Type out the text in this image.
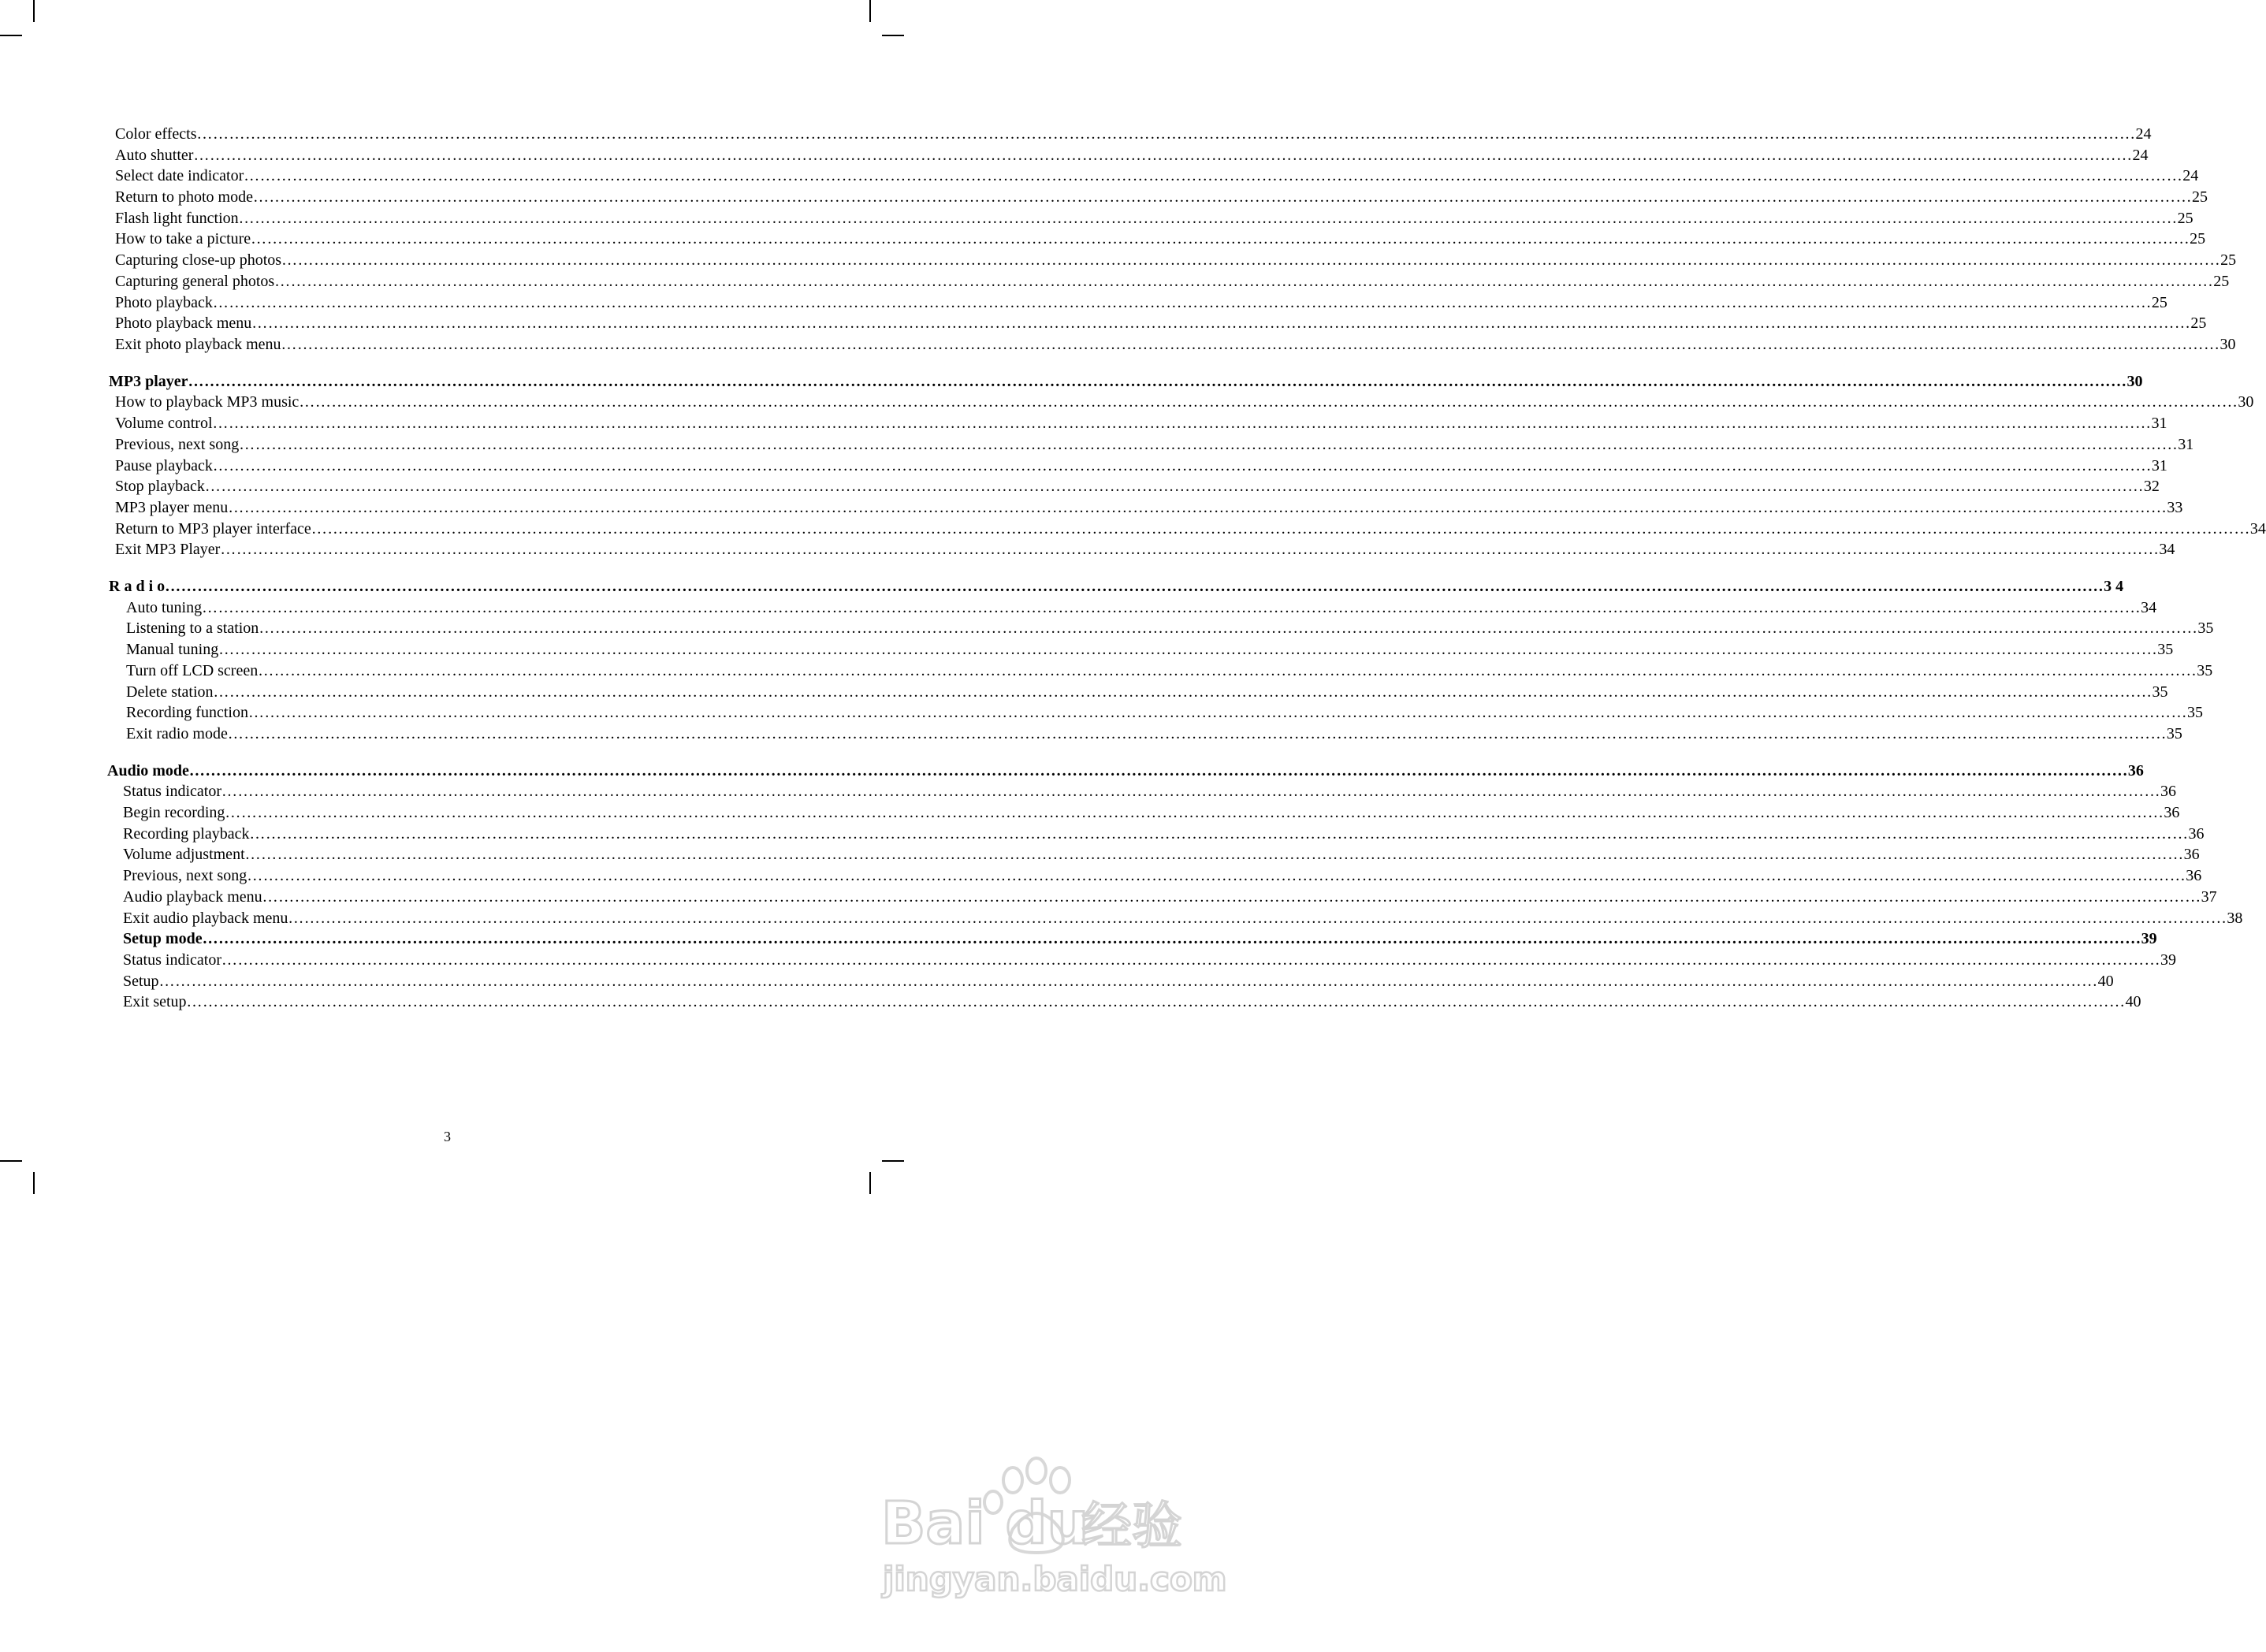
Color effects ……………………………………………………………………………………………………………………………………………………………………………………………………………………………………………………………………………………………………………………………… 24
Auto shutter ……………………………………………………………………………………………………………………………………………………………………………………………………………………………………………………………………………………………………………………………… 24
Select date indicator ……………………………………………………………………………………………………………………………………………………………………………………………………………………………………………………………………………………………………………………………… 24
Return to photo mode ……………………………………………………………………………………………………………………………………………………………………………………………………………………………………………………………………………………………………………………………… 25
Flash light function ……………………………………………………………………………………………………………………………………………………………………………………………………………………………………………………………………………………………………………………………… 25
How to take a picture ……………………………………………………………………………………………………………………………………………………………………………………………………………………………………………………………………………………………………………………………… 25
Capturing close-up photos ……………………………………………………………………………………………………………………………………………………………………………………………………………………………………………………………………………………………………………………………… 25
Capturing general photos ……………………………………………………………………………………………………………………………………………………………………………………………………………………………………………………………………………………………………………………………… 25
Photo playback ……………………………………………………………………………………………………………………………………………………………………………………………………………………………………………………………………………………………………………………………… 25
Photo playback menu ……………………………………………………………………………………………………………………………………………………………………………………………………………………………………………………………………………………………………………………………… 25
Exit photo playback menu ……………………………………………………………………………………………………………………………………………………………………………………………………………………………………………………………………………………………………………………………… 30
MP3 player ……………………………………………………………………………………………………………………………………………………………………………………………………………………………………………………………………………………………………………………………… 30
How to playback MP3 music ……………………………………………………………………………………………………………………………………………………………………………………………………………………………………………………………………………………………………………………………… 30
Volume control ……………………………………………………………………………………………………………………………………………………………………………………………………………………………………………………………………………………………………………………………… 31
Previous, next song ……………………………………………………………………………………………………………………………………………………………………………………………………………………………………………………………………………………………………………………………… 31
Pause playback ……………………………………………………………………………………………………………………………………………………………………………………………………………………………………………………………………………………………………………………………… 31
Stop playback ……………………………………………………………………………………………………………………………………………………………………………………………………………………………………………………………………………………………………………………………… 32
MP3 player menu ……………………………………………………………………………………………………………………………………………………………………………………………………………………………………………………………………………………………………………………………… 33
Return to MP3 player interface ……………………………………………………………………………………………………………………………………………………………………………………………………………………………………………………………………………………………………………………………… 34
Exit MP3 Player ……………………………………………………………………………………………………………………………………………………………………………………………………………………………………………………………………………………………………………………………… 34
R a d i o ……………………………………………………………………………………………………………………………………………………………………………………………………………………………………………………………………………………………………………………………… 3 4
Auto tuning ……………………………………………………………………………………………………………………………………………………………………………………………………………………………………………………………………………………………………………………………… 34
Listening to a station ……………………………………………………………………………………………………………………………………………………………………………………………………………………………………………………………………………………………………………………………… 35
Manual tuning ……………………………………………………………………………………………………………………………………………………………………………………………………………………………………………………………………………………………………………………………… 35
Turn off LCD screen ……………………………………………………………………………………………………………………………………………………………………………………………………………………………………………………………………………………………………………………………… 35
Delete station ……………………………………………………………………………………………………………………………………………………………………………………………………………………………………………………………………………………………………………………………… 35
Recording function ……………………………………………………………………………………………………………………………………………………………………………………………………………………………………………………………………………………………………………………………… 35
Exit radio mode ……………………………………………………………………………………………………………………………………………………………………………………………………………………………………………………………………………………………………………………………… 35
Audio mode ……………………………………………………………………………………………………………………………………………………………………………………………………………………………………………………………………………………………………………………………… 36
Status indicator ……………………………………………………………………………………………………………………………………………………………………………………………………………………………………………………………………………………………………………………………… 36
Begin recording ……………………………………………………………………………………………………………………………………………………………………………………………………………………………………………………………………………………………………………………………… 36
Recording playback ……………………………………………………………………………………………………………………………………………………………………………………………………………………………………………………………………………………………………………………………… 36
Volume adjustment ……………………………………………………………………………………………………………………………………………………………………………………………………………………………………………………………………………………………………………………………… 36
Previous, next song ……………………………………………………………………………………………………………………………………………………………………………………………………………………………………………………………………………………………………………………………… 36
Audio playback menu ……………………………………………………………………………………………………………………………………………………………………………………………………………………………………………………………………………………………………………………………… 37
Exit audio playback menu ……………………………………………………………………………………………………………………………………………………………………………………………………………………………………………………………………………………………………………………………… 38
Setup mode ……………………………………………………………………………………………………………………………………………………………………………………………………………………………………………………………………………………………………………………………… 39
Status indicator ……………………………………………………………………………………………………………………………………………………………………………………………………………………………………………………………………………………………………………………………… 39
Setup ……………………………………………………………………………………………………………………………………………………………………………………………………………………………………………………………………………………………………………………………… 40
Exit setup ……………………………………………………………………………………………………………………………………………………………………………………………………………………………………………………………………………………………………………………………… 40
3
Bai du
经验
jingyan.baidu.com
